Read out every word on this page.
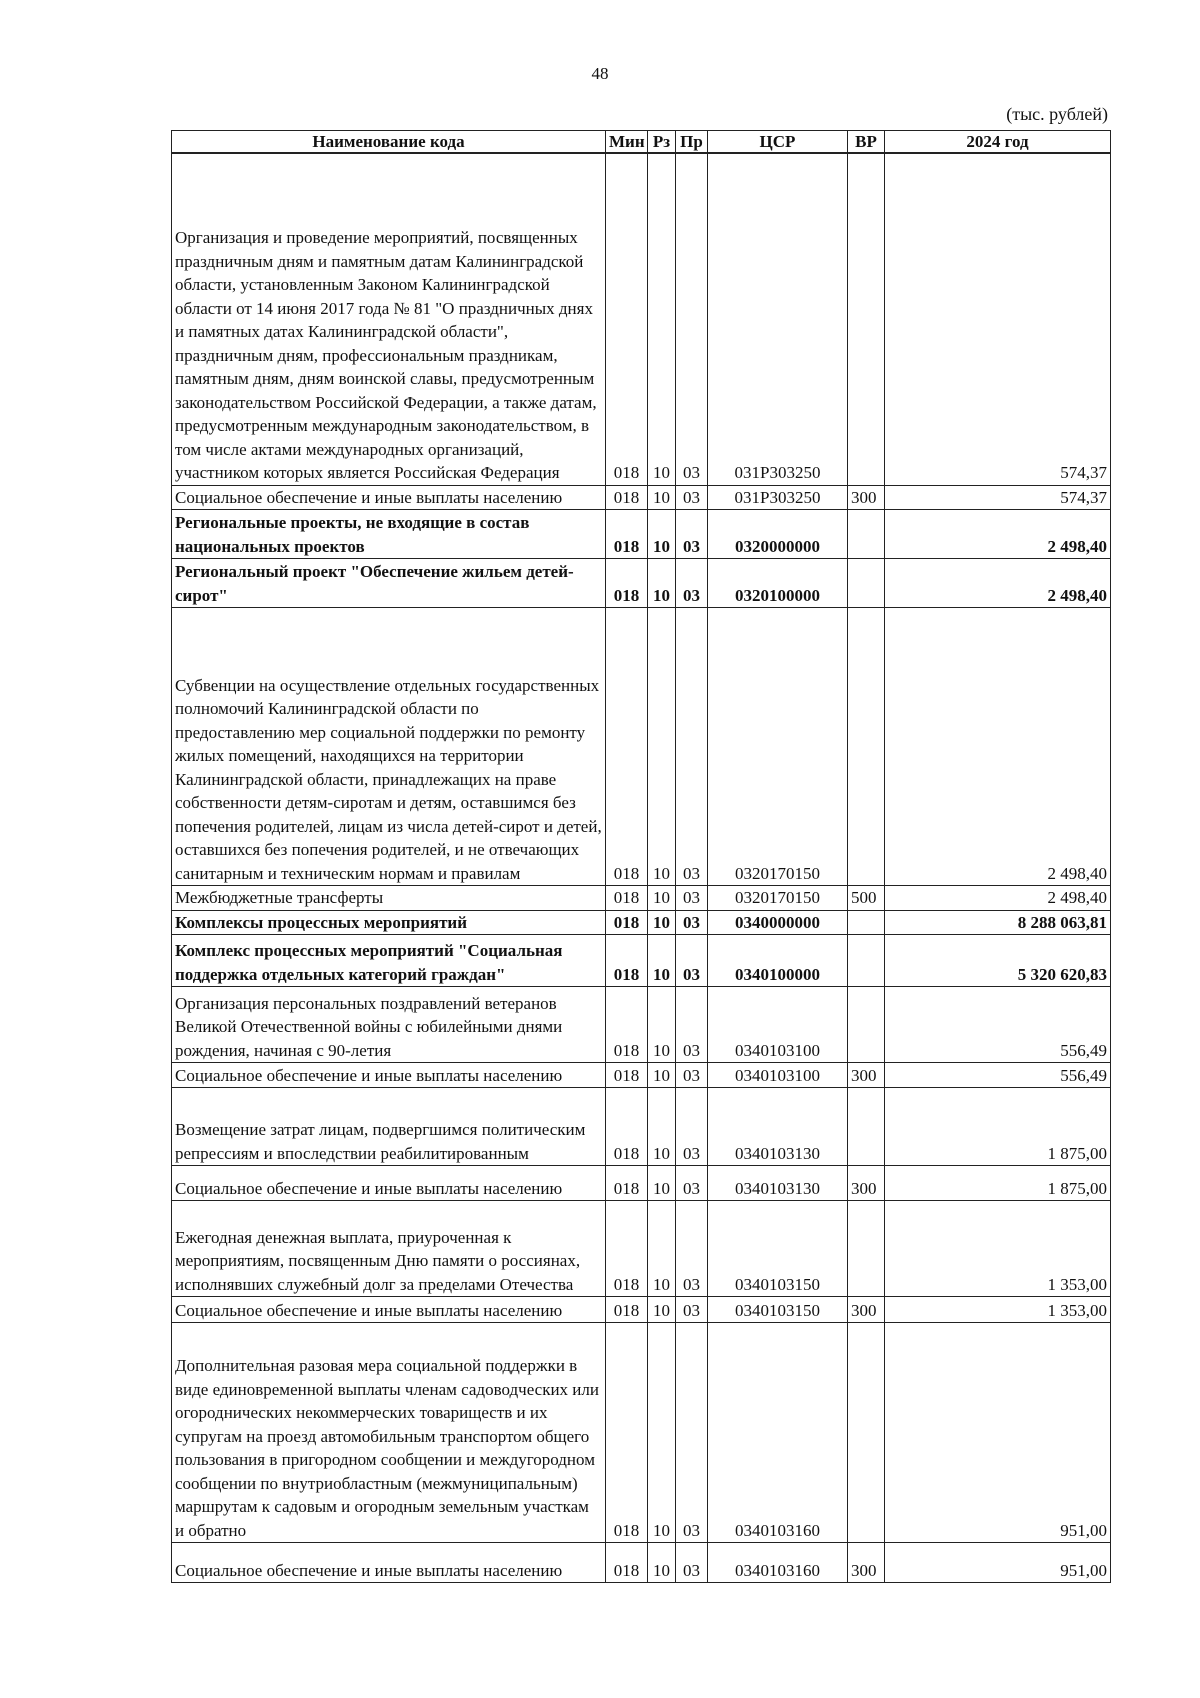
48
(тыс. рублей)
Наименование кода	Мин	Рз	Пр	ЦСР	ВР	2024 год
Организация и проведение мероприятий, посвященных праздничным дням и памятным датам Калининградской области, установленным Законом Калининградской области от 14 июня 2017 года № 81 "О праздничных днях и памятных датах Калининградской области", праздничным дням, профессиональным праздникам, памятным дням, дням воинской славы, предусмотренным законодательством Российской Федерации, а также датам, предусмотренным международным законодательством, в том числе актами международных организаций, участником которых является Российская Федерация	018	10	03	031Р303250		574,37
Социальное обеспечение и иные выплаты населению	018	10	03	031Р303250	300	574,37
Региональные проекты, не входящие в состав национальных проектов	018	10	03	0320000000		2 498,40
Региональный проект "Обеспечение жильем детей-сирот"	018	10	03	0320100000		2 498,40
Субвенции на осуществление отдельных государственных полномочий Калининградской области по предоставлению мер социальной поддержки по ремонту жилых помещений, находящихся на территории Калининградской области, принадлежащих на праве собственности детям-сиротам и детям, оставшимся без попечения родителей, лицам из числа детей-сирот и детей, оставшихся без попечения родителей, и не отвечающих санитарным и техническим нормам и правилам	018	10	03	0320170150		2 498,40
Межбюджетные трансферты	018	10	03	0320170150	500	2 498,40
Комплексы процессных мероприятий	018	10	03	0340000000		8 288 063,81
Комплекс процессных мероприятий "Социальная поддержка отдельных категорий граждан"	018	10	03	0340100000		5 320 620,83
Организация персональных поздравлений ветеранов Великой Отечественной войны с юбилейными днями рождения, начиная с 90-летия	018	10	03	0340103100		556,49
Социальное обеспечение и иные выплаты населению	018	10	03	0340103100	300	556,49
Возмещение затрат лицам, подвергшимся политическим репрессиям и впоследствии реабилитированным	018	10	03	0340103130		1 875,00
Социальное обеспечение и иные выплаты населению	018	10	03	0340103130	300	1 875,00
Ежегодная денежная выплата, приуроченная к мероприятиям, посвященным Дню памяти о россиянах, исполнявших служебный долг за пределами Отечества	018	10	03	0340103150		1 353,00
Социальное обеспечение и иные выплаты населению	018	10	03	0340103150	300	1 353,00
Дополнительная разовая мера социальной поддержки в виде единовременной выплаты членам садоводческих или огороднических некоммерческих товариществ и их супругам на проезд автомобильным транспортом общего пользования в пригородном сообщении и междугородном сообщении по внутриобластным (межмуниципальным) маршрутам к садовым и огородным земельным участкам и обратно	018	10	03	0340103160		951,00
Социальное обеспечение и иные выплаты населению	018	10	03	0340103160	300	951,00
